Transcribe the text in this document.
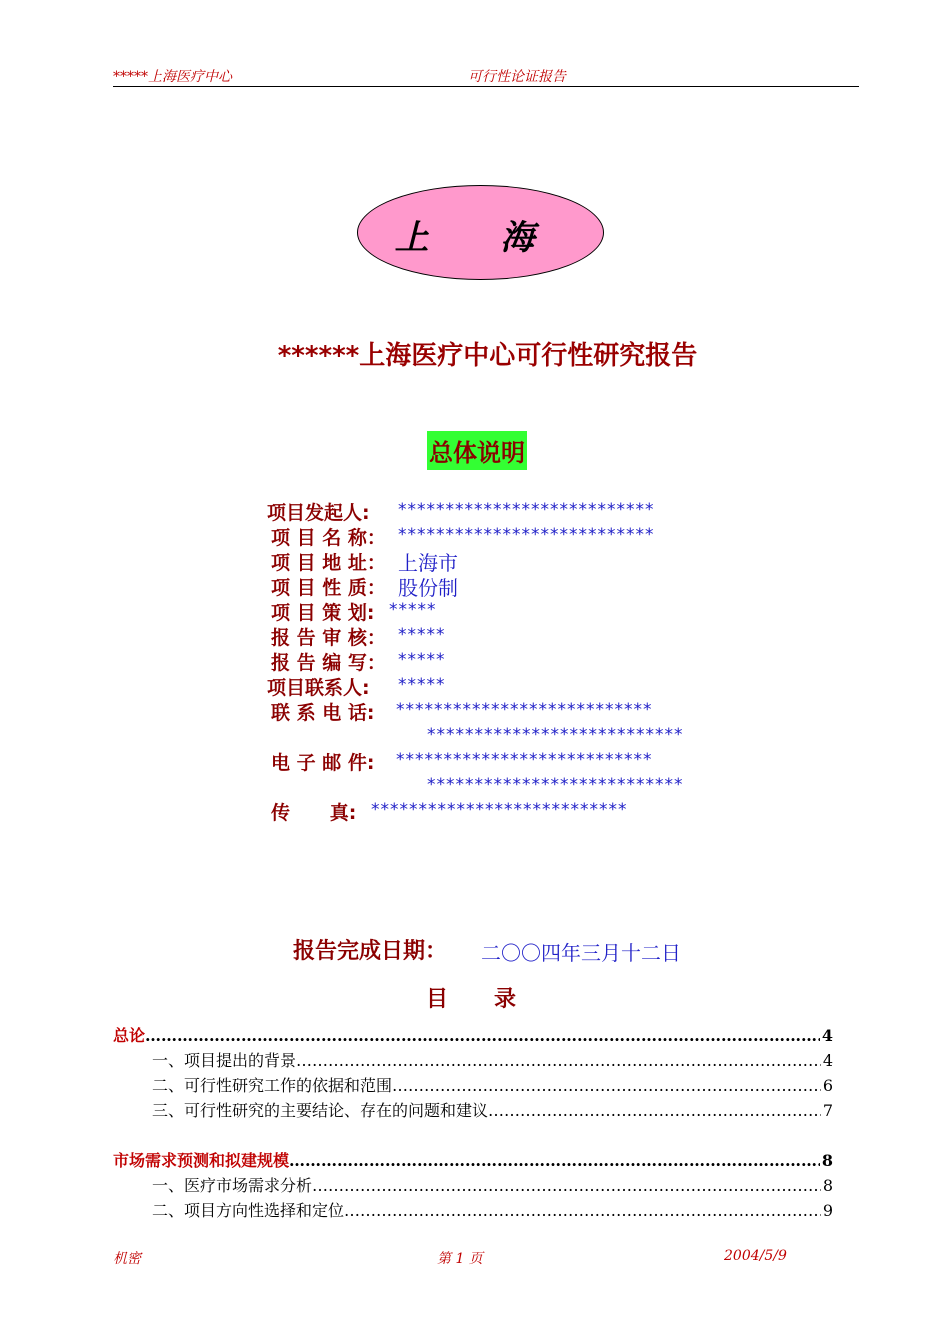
*****上海医疗中心	可行性论证报告
上 海
******上海医疗中心可行性研究报告
总体说明
项目发起人: ***************************
项 目 名 称： ***************************
项 目 地 址： 上海市
项 目 性 质： 股份制
项 目 策 划: *****
报 告 审 核： *****
报 告 编 写： *****
项目联系人: *****
联 系 电 话: ***************************
***************************
电 子 邮 件: ***************************
***************************
传      真: ***************************
报告完成日期： 二〇〇四年三月十二日
目      录
总论 ……………………………………………………………………………………………………………………………………………………………………………………………………………………………	4
一、项目提出的背景 ……………………………………………………………………………………………………………………………………………………………………………………………………………………………	4
二、可行性研究工作的依据和范围 ……………………………………………………………………………………………………………………………………………………………………………………………………………………………	6
三、可行性研究的主要结论、存在的问题和建议 ……………………………………………………………………………………………………………………………………………………………………………………………………………………………	7
市场需求预测和拟建规模 ……………………………………………………………………………………………………………………………………………………………………………………………………………………………	8
一、医疗市场需求分析 ……………………………………………………………………………………………………………………………………………………………………………………………………………………………	8
二、项目方向性选择和定位 ……………………………………………………………………………………………………………………………………………………………………………………………………………………………	9
机密	第 1 页	2004/5/9
